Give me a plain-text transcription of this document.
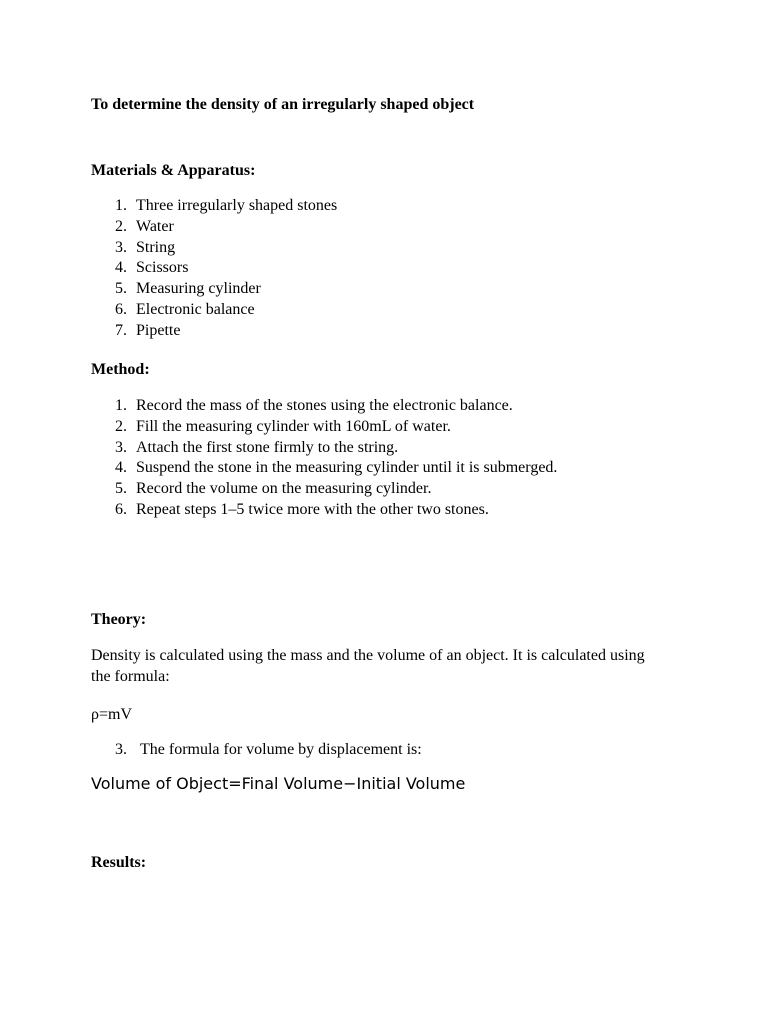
To determine the density of an irregularly shaped object

Materials & Apparatus:

1. Three irregularly shaped stones
2. Water
3. String
4. Scissors
5. Measuring cylinder
6. Electronic balance
7. Pipette

Method:

1. Record the mass of the stones using the electronic balance.
2. Fill the measuring cylinder with 160mL of water.
3. Attach the first stone firmly to the string.
4. Suspend the stone in the measuring cylinder until it is submerged.
5. Record the volume on the measuring cylinder.
6. Repeat steps 1–5 twice more with the other two stones.

Theory:

Density is calculated using the mass and the volume of an object. It is calculated using the formula:

ρ=mV

3. The formula for volume by displacement is:
Volume of Object=Final Volume−Initial Volume

Results:
